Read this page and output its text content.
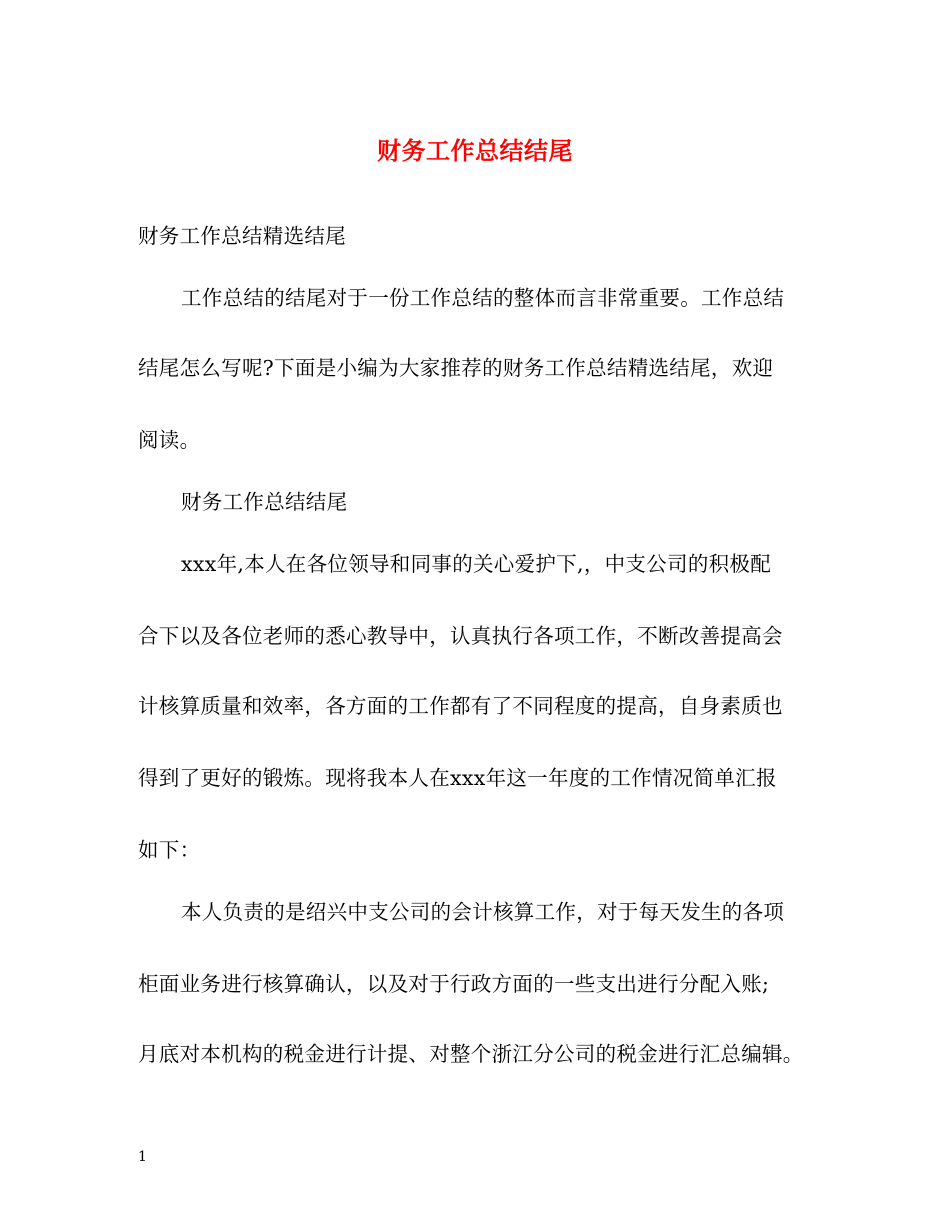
财务工作总结结尾
财务工作总结精选结尾
工作总结的结尾对于一份工作总结的整体而言非常重要。工作总结
结尾怎么写呢?下面是小编为大家推荐的财务工作总结精选结尾，欢迎
阅读。
财务工作总结结尾
xxx年,本人在各位领导和同事的关心爱护下,，中支公司的积极配
合下以及各位老师的悉心教导中，认真执行各项工作，不断改善提高会
计核算质量和效率，各方面的工作都有了不同程度的提高，自身素质也
得到了更好的锻炼。现将我本人在xxx年这一年度的工作情况简单汇报
如下：
本人负责的是绍兴中支公司的会计核算工作，对于每天发生的各项
柜面业务进行核算确认，以及对于行政方面的一些支出进行分配入账;
月底对本机构的税金进行计提、对整个浙江分公司的税金进行汇总编辑。
1
